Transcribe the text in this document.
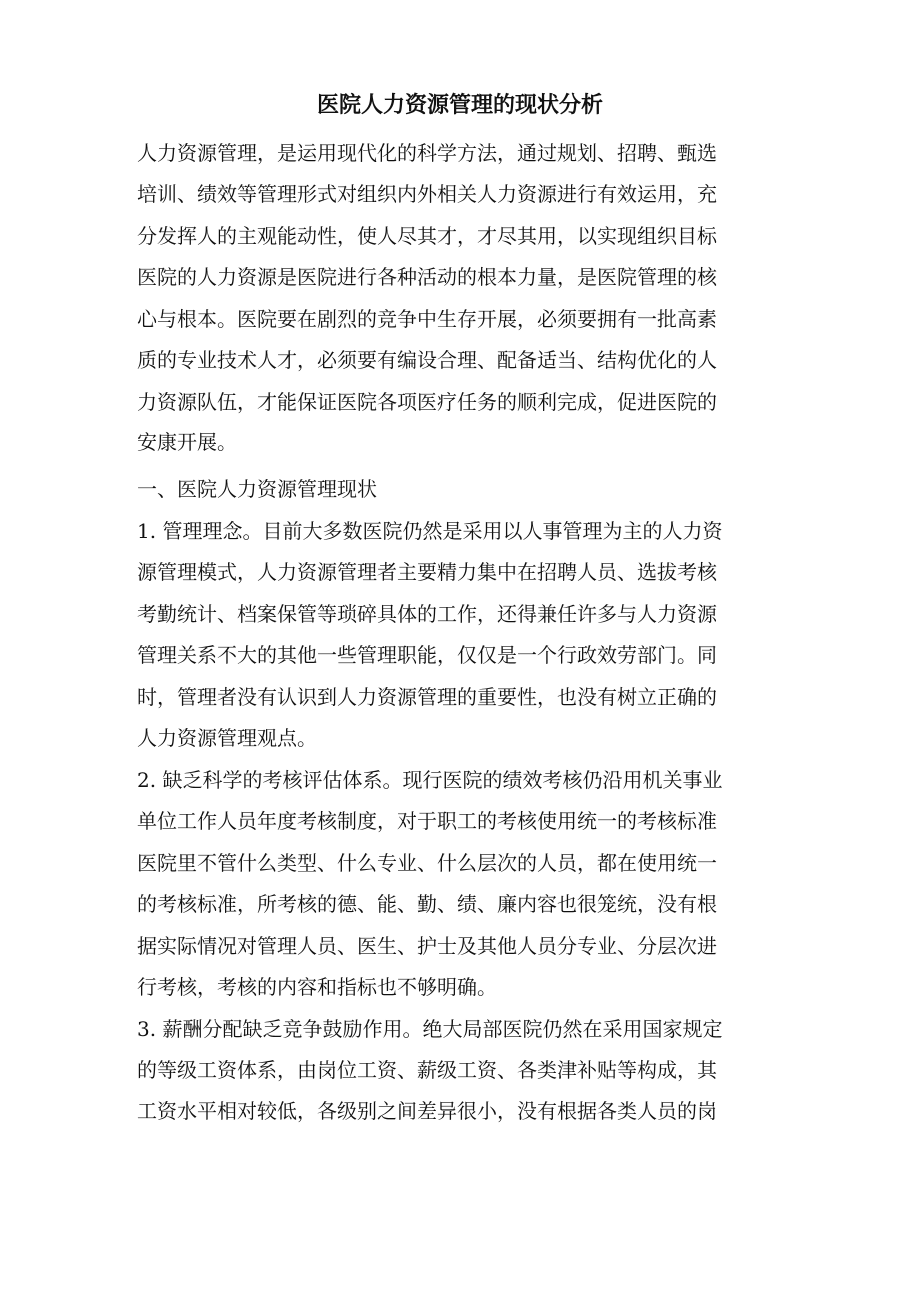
医院人力资源管理的现状分析

人力资源管理，是运用现代化的科学方法，通过规划、招聘、甄选

培训、绩效等管理形式对组织内外相关人力资源进行有效运用，充

分发挥人的主观能动性，使人尽其才，才尽其用，以实现组织目标

医院的人力资源是医院进行各种活动的根本力量，是医院管理的核

心与根本。医院要在剧烈的竞争中生存开展，必须要拥有一批高素

质的专业技术人才，必须要有编设合理、配备适当、结构优化的人

力资源队伍，才能保证医院各项医疗任务的顺利完成，促进医院的

安康开展。

一、医院人力资源管理现状

1. 管理理念。目前大多数医院仍然是采用以人事管理为主的人力资

源管理模式，人力资源管理者主要精力集中在招聘人员、选拔考核

考勤统计、档案保管等琐碎具体的工作，还得兼任许多与人力资源

管理关系不大的其他一些管理职能，仅仅是一个行政效劳部门。同

时，管理者没有认识到人力资源管理的重要性，也没有树立正确的

人力资源管理观点。

2. 缺乏科学的考核评估体系。现行医院的绩效考核仍沿用机关事业

单位工作人员年度考核制度，对于职工的考核使用统一的考核标准

医院里不管什么类型、什么专业、什么层次的人员，都在使用统一

的考核标准，所考核的德、能、勤、绩、廉内容也很笼统，没有根

据实际情况对管理人员、医生、护士及其他人员分专业、分层次进

行考核，考核的内容和指标也不够明确。

3. 薪酬分配缺乏竞争鼓励作用。绝大局部医院仍然在采用国家规定

的等级工资体系，由岗位工资、薪级工资、各类津补贴等构成，其

工资水平相对较低，各级别之间差异很小，没有根据各类人员的岗
